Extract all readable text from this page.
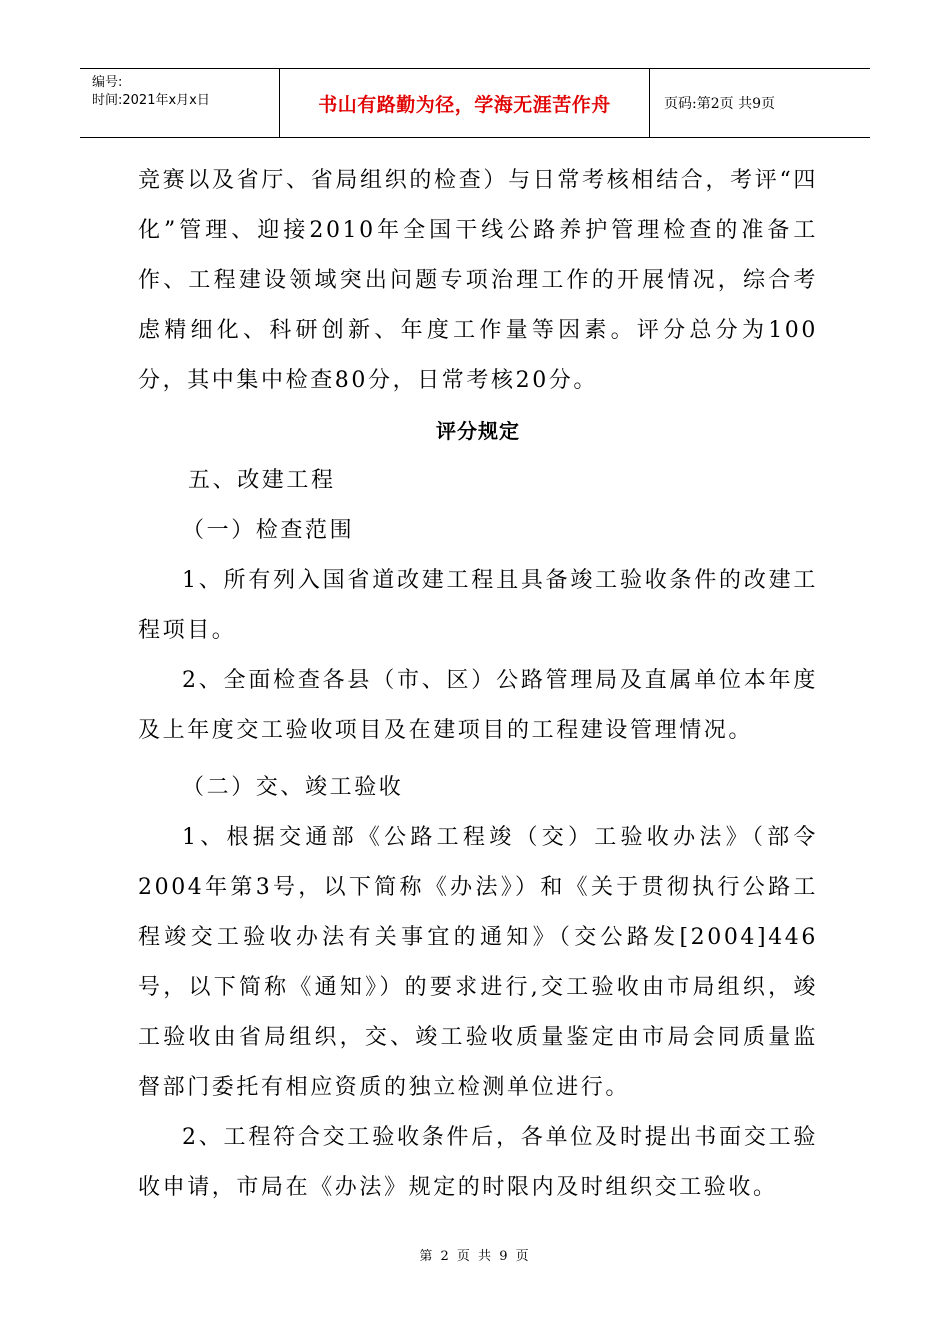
编号:
时间:2021年x月x日	书山有路勤为径，学海无涯苦作舟	页码:第2页 共9页

竞赛以及省厅、省局组织的检查）与日常考核相结合，考评“四化”管理、迎接2010年全国干线公路养护管理检查的准备工作、工程建设领域突出问题专项治理工作的开展情况，综合考虑精细化、科研创新、年度工作量等因素。评分总分为100分，其中集中检查80分，日常考核20分。

评分规定

五、改建工程

（一）检查范围

1、所有列入国省道改建工程且具备竣工验收条件的改建工程项目。

2、全面检查各县（市、区）公路管理局及直属单位本年度及上年度交工验收项目及在建项目的工程建设管理情况。

（二）交、竣工验收

1、根据交通部《公路工程竣（交）工验收办法》（部令2004年第3号，以下简称《办法》）和《关于贯彻执行公路工程竣交工验收办法有关事宜的通知》（交公路发[2004]446号，以下简称《通知》）的要求进行,交工验收由市局组织，竣工验收由省局组织，交、竣工验收质量鉴定由市局会同质量监督部门委托有相应资质的独立检测单位进行。

2、工程符合交工验收条件后，各单位及时提出书面交工验收申请，市局在《办法》规定的时限内及时组织交工验收。

第 2 页 共 9 页
